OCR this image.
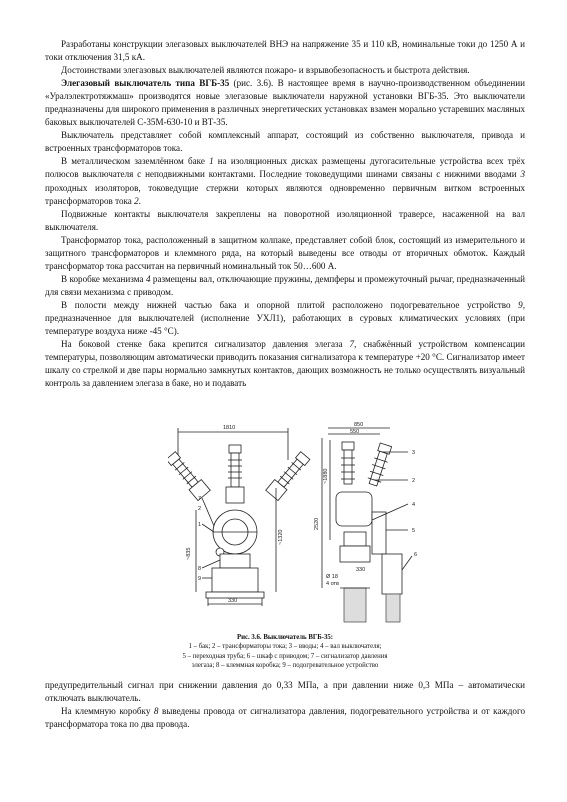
Разработаны конструкции элегазовых выключателей ВНЭ на напряжение 35 и 110 кВ, номинальные токи до 1250 А и токи отключения 31,5 кА.

Достоинствами элегазовых выключателей являются пожаро- и взрывобезопасность и быстрота действия.

Элегазовый выключатель типа ВГБ-35 (рис. 3.6). В настоящее время в научно-производственном объединении «Уралэлектротяжмаш» производятся новые элегазовые выключатели наружной установки ВГБ-35. Это выключатели предназначены для широкого применения в различных энергетических установках взамен морально устаревших масляных баковых выключателей С-35М-630-10 и ВТ-35.

Выключатель представляет собой комплексный аппарат, состоящий из собственно выключателя, привода и встроенных трансформаторов тока.

В металлическом заземлённом баке 1 на изоляционных дисках размещены дугогасительные устройства всех трёх полюсов выключателя с неподвижными контактами. Последние токоведущими шинами связаны с нижними вводами 3 проходных изоляторов, токоведущие стержни которых являются одновременно первичным витком встроенных трансформаторов тока 2.

Подвижные контакты выключателя закреплены на поворотной изоляционной траверсе, насаженной на вал выключателя.

Трансформатор тока, расположенный в защитном колпаке, представляет собой блок, состоящий из измерительного и защитного трансформаторов и клеммного ряда, на который выведены все отводы от вторичных обмоток. Каждый трансформатор тока рассчитан на первичный номинальный ток 50…600 А.

В коробке механизма 4 размещены вал, отключающие пружины, демпферы и промежуточный рычаг, предназначенный для связи механизма с приводом.

В полости между нижней частью бака и опорной плитой расположено подогревательное устройство 9, предназначенное для выключателей (исполнение УХЛ1), работающих в суровых климатических условиях (при температуре воздуха ниже -45 °С).

На боковой стенке бака крепится сигнализатор давления элегаза 7, снабжённый устройством компенсации температуры, позволяющим автоматически приводить показания сигнализатора к температуре +20 °С. Сигнализатор имеет шкалу со стрелкой и две пары нормально замкнутых контактов, дающих возможность не только осуществлять визуальный контроль за давлением элегаза в баке, но и подавать

1810
330
~835
~1320
1
2
7
8
9
850
550
330
2520
~1880
Ø 18
4 отв
3
2
4
5
6
Рис. 3.6. Выключатель ВГБ-35:
1 – бак; 2 – трансформаторы тока; 3 – вводы; 4 – вал выключателя;
5 – переходная труба; 6 – шкаф с приводом; 7 – сигнализатор давления
элегаза; 8 – клеммная коробка; 9 – подогревательное устройство

предупредительный сигнал при снижении давления до 0,33 МПа, а при давлении ниже 0,3 МПа – автоматически отключать выключатель.

На клеммную коробку 8 выведены провода от сигнализатора давления, подогревательного устройства и от каждого трансформатора тока по два провода.
